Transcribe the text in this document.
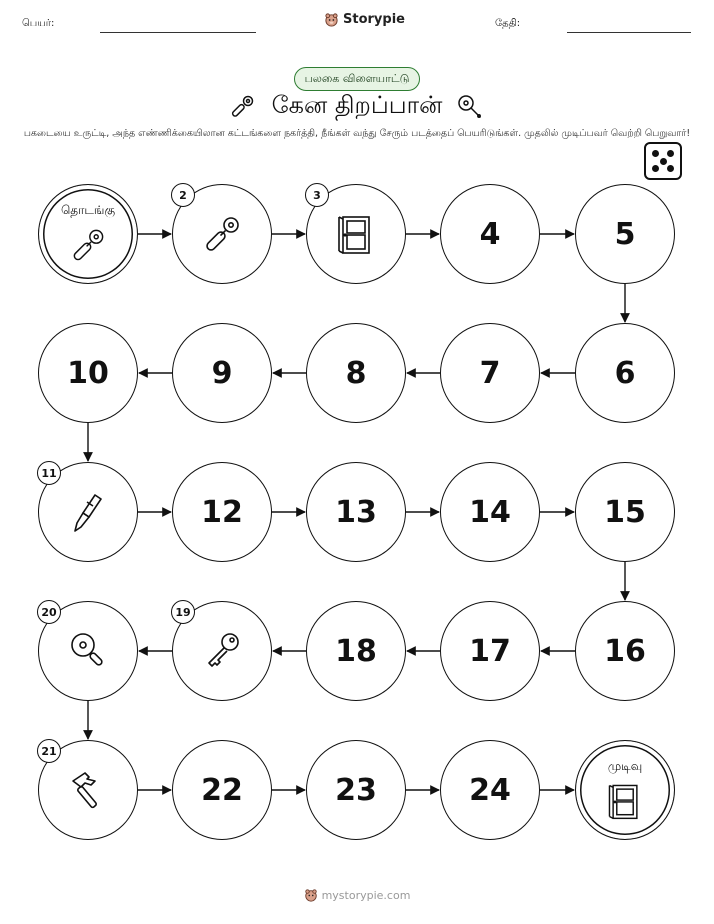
பெயர்:	Storypie	தேதி:
பலகை விளையாட்டு
கேன திறப்பான்
பகடையை உருட்டி, அந்த எண்ணிக்கையிலான கட்டங்களை நகர்த்தி, நீங்கள் வந்து சேரும் படத்தைப் பெயரிடுங்கள். முதலில் முடிப்பவர் வெற்றி பெறுவார்!
தொடங்கு
2	3
4	5
6
7
8
9
10
11
12	13	14	15
16
17
18
19
20
21
22	23	24
முடிவு
mystorypie.com
